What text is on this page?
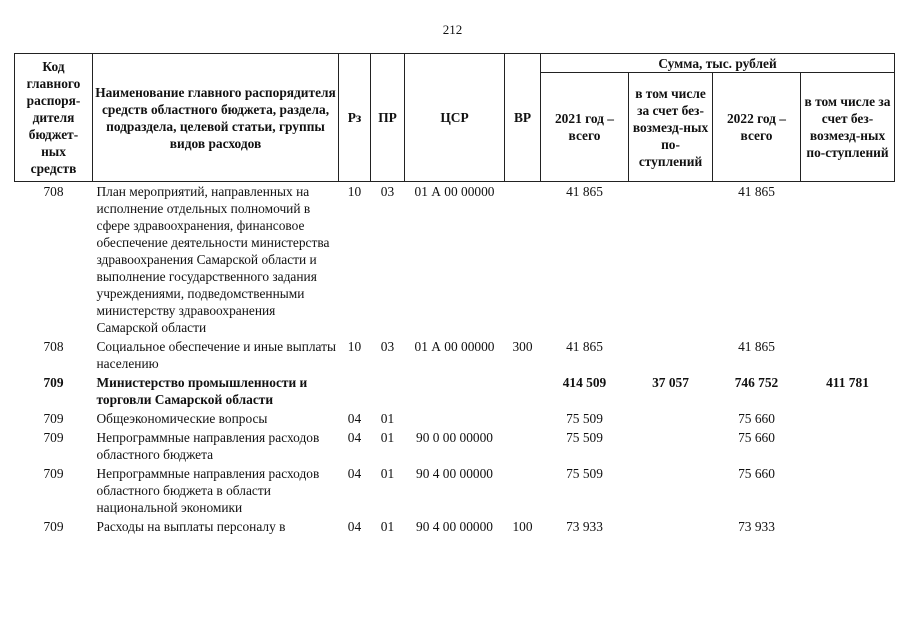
212
Код главного распоря-дителя бюджет-ных средств	Наименование главного распорядителя средств областного бюджета, раздела, подраздела, целевой статьи, группы видов расходов	Рз	ПР	ЦСР	ВР	Сумма, тыс. рублей			
						2021 год – всего	в том числе за счет без-возмезд-ных по-ступлений	2022 год – всего	в том числе за счет без-возмезд-ных по-ступлений
708	План мероприятий, направленных на исполнение отдельных полномочий в сфере здравоохранения, финансовое обеспечение деятельности министерства здравоохранения Самарской области и выполнение государственного задания учреждениями, подведомственными министерству здравоохранения Самарской области	10	03	01 А 00 00000		41 865		41 865	
708	Социальное обеспечение и иные выплаты населению	10	03	01 А 00 00000	300	41 865		41 865	
709	Министерство промышленности и торговли Самарской области					414 509	37 057	746 752	411 781
709	Общеэкономические вопросы	04	01			75 509		75 660	
709	Непрограммные направления расходов областного бюджета	04	01	90 0 00 00000		75 509		75 660	
709	Непрограммные направления расходов областного бюджета в области национальной экономики	04	01	90 4 00 00000		75 509		75 660	
709	Расходы на выплаты персоналу в	04	01	90 4 00 00000	100	73 933		73 933	
